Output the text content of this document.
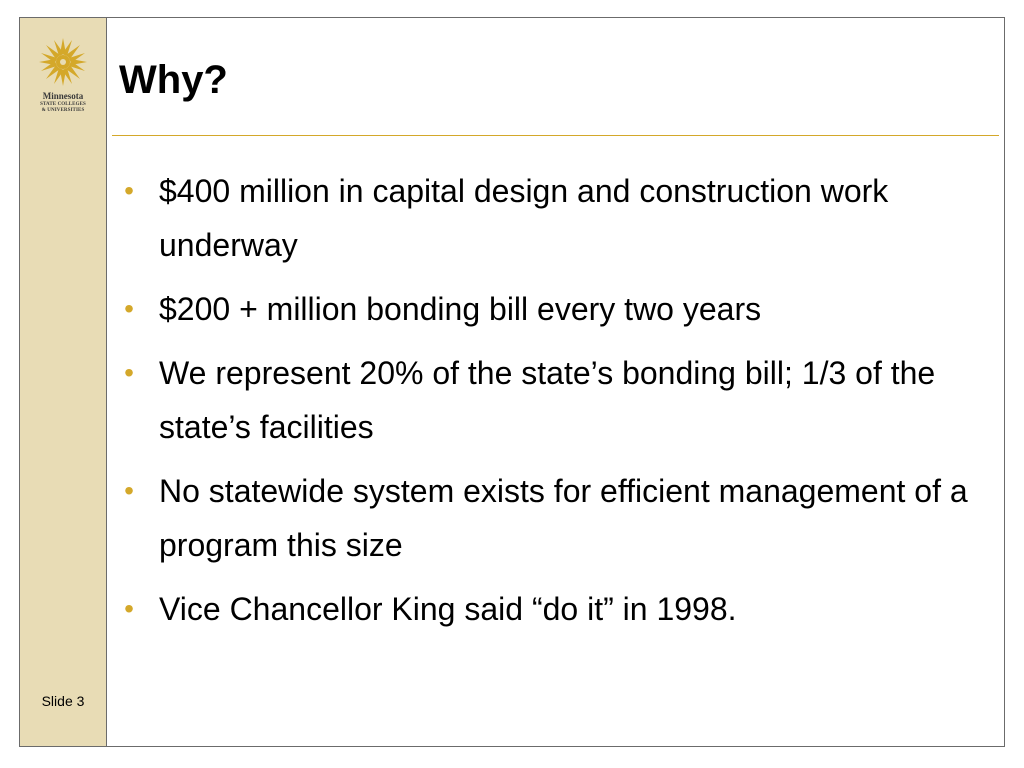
Minnesota
STATE COLLEGES
& UNIVERSITIES
Slide 3
Why?
• $400 million in capital design and construction work underway
• $200 + million bonding bill every two years
• We represent 20% of the state’s bonding bill; 1/3 of the state’s facilities
• No statewide system exists for efficient management of a program this size
• Vice Chancellor King said “do it” in 1998.
